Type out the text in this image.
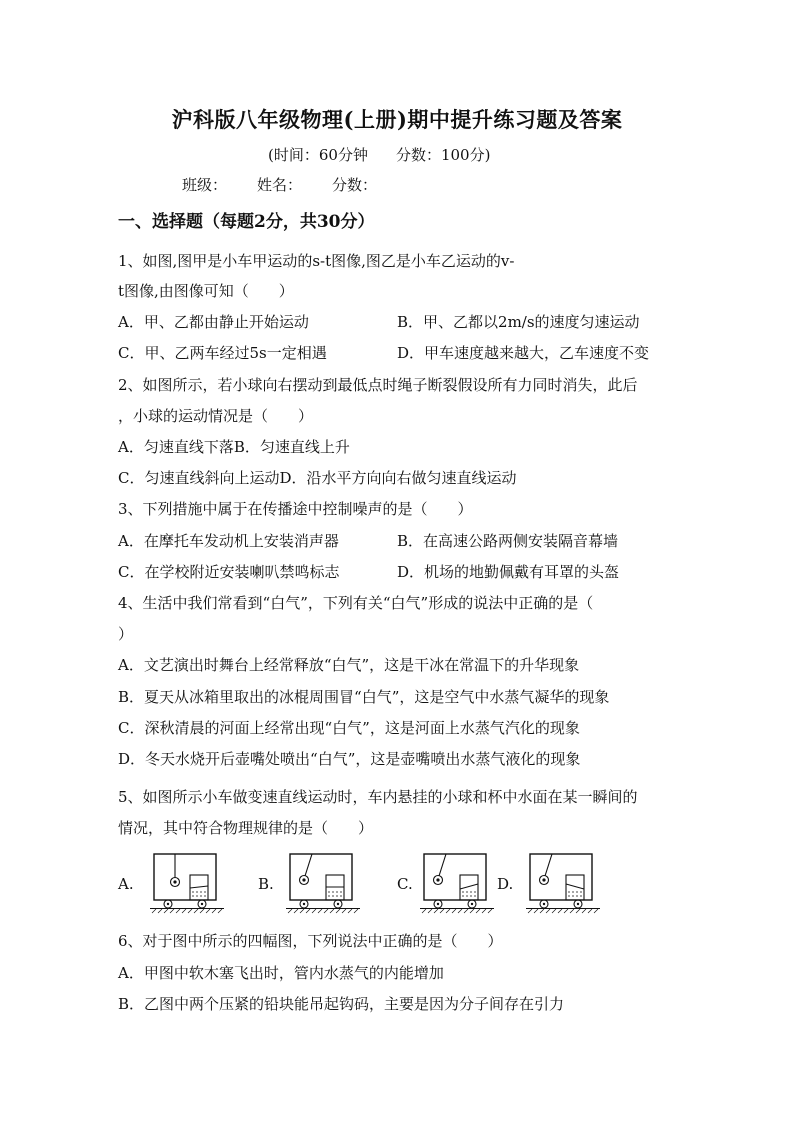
沪科版八年级物理(上册)期中提升练习题及答案
(时间：60分钟 分数：100分)
班级： 姓名： 分数：
一、选择题（每题2分，共30分）
1、如图,图甲是小车甲运动的s-t图像,图乙是小车乙运动的v-
t图像,由图像可知（　　）
A．甲、乙都由静止开始运动	B．甲、乙都以2m/s的速度匀速运动
C．甲、乙两车经过5s一定相遇	D．甲车速度越来越大，乙车速度不变
2、如图所示，若小球向右摆动到最低点时绳子断裂假设所有力同时消失，此后
，小球的运动情况是（　　）
A．匀速直线下落B．匀速直线上升
C．匀速直线斜向上运动D．沿水平方向向右做匀速直线运动
3、下列措施中属于在传播途中控制噪声的是（　　）
A．在摩托车发动机上安装消声器	B．在高速公路两侧安装隔音幕墙
C．在学校附近安装喇叭禁鸣标志	D．机场的地勤佩戴有耳罩的头盔
4、生活中我们常看到“白气”，下列有关“白气”形成的说法中正确的是（
）
A．文艺演出时舞台上经常释放“白气”，这是干冰在常温下的升华现象
B．夏天从冰箱里取出的冰棍周围冒“白气”，这是空气中水蒸气凝华的现象
C．深秋清晨的河面上经常出现“白气”，这是河面上水蒸气汽化的现象
D．冬天水烧开后壶嘴处喷出“白气”，这是壶嘴喷出水蒸气液化的现象
5、如图所示小车做变速直线运动时，车内悬挂的小球和杯中水面在某一瞬间的
情况，其中符合物理规律的是（　　）
A.	B.	C.	D.
6、对于图中所示的四幅图，下列说法中正确的是（　　）
A．甲图中软木塞飞出时，管内水蒸气的内能增加
B．乙图中两个压紧的铅块能吊起钩码，主要是因为分子间存在引力
